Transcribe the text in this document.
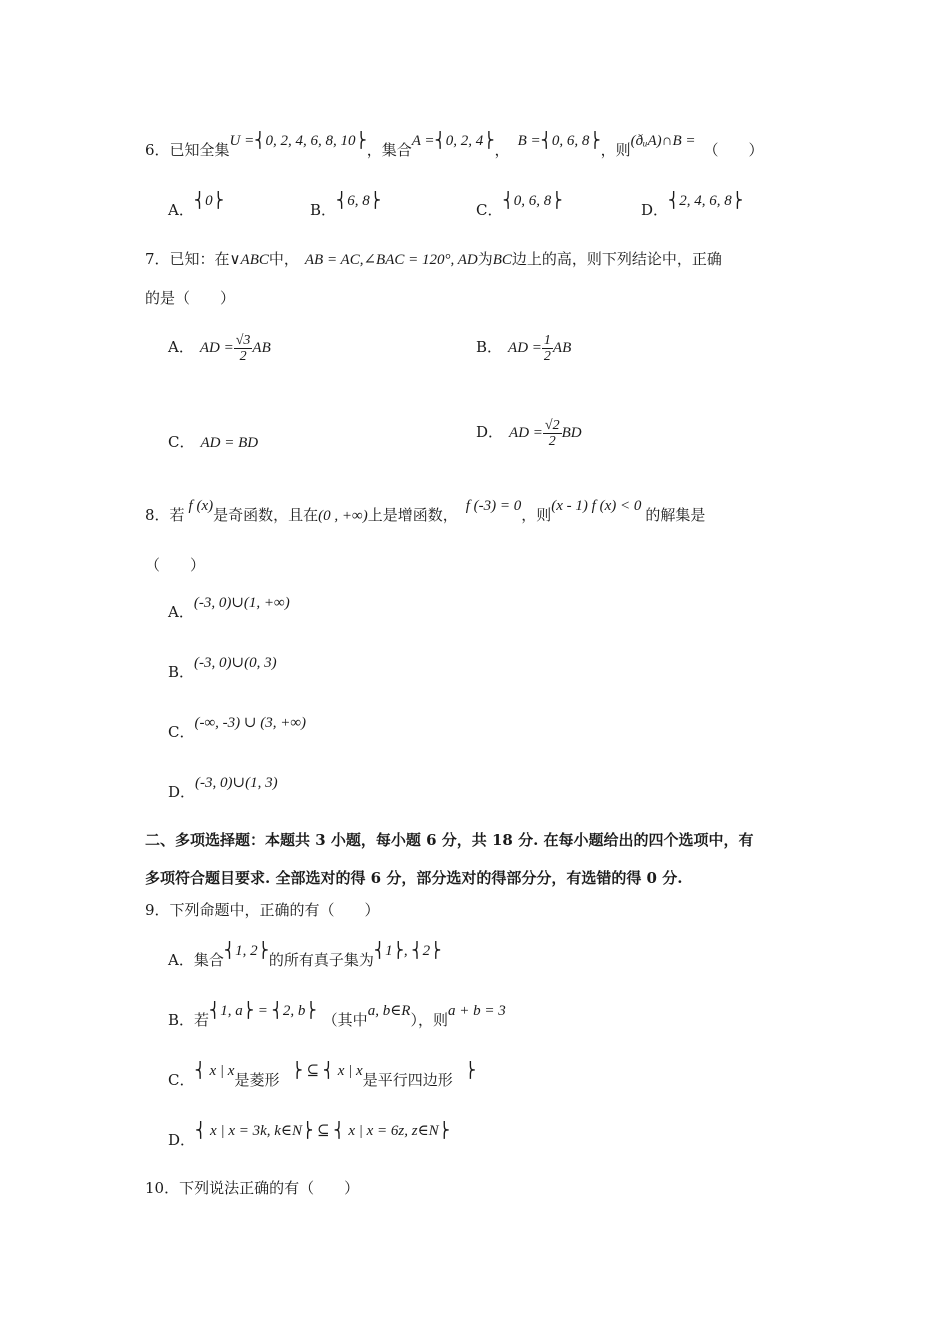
6．已知全集U =⎨0, 2, 4, 6, 8, 10⎬，集合A =⎨0, 2, 4⎬， B =⎨0, 6, 8⎬，则(ðᵤA)∩B = （　　）
A．⎨0⎬	B．⎨6, 8⎬	C．⎨0, 6, 8⎬	D．⎨2, 4, 6, 8⎬
7．已知：在∨ABC中， AB = AC,∠BAC = 120°, AD为BC边上的高，则下列结论中，正确
的是（　　）
A． AD = $\frac{√3}{2}$ AB	B． AD = $\frac{1}{2}$ AB
C． AD = BD
D． AD = $\frac{√2}{2}$ BD
8．若 f (x)是奇函数，且在(0 , +∞)上是增函数， f (-3) = 0，则(x - 1) f (x) < 0 的解集是
（　　）
A．(-3, 0)∪(1, +∞)
B．(-3, 0)∪(0, 3)
C．(-∞, -3) ∪ (3, +∞)
D．(-3, 0)∪(1, 3)
二、多项选择题：本题共 3 小题，每小题 6 分，共 18 分. 在每小题给出的四个选项中，有
多项符合题目要求. 全部选对的得 6 分，部分选对的得部分分，有选错的得 0 分.
9．下列命题中，正确的有（　　）
A．集合⎨1, 2⎬的所有真子集为⎨1⎬, ⎨2⎬
B．若⎨1, a⎬ = ⎨2, b⎬ （其中a, b∈R），则a + b = 3
C．⎨ x | x是菱形 ⎬ ⊆ ⎨ x | x是平行四边形 ⎬
D．⎨ x | x = 3k, k∈N⎬ ⊆ ⎨ x | x = 6z, z∈N⎬
10．下列说法正确的有（　　）
